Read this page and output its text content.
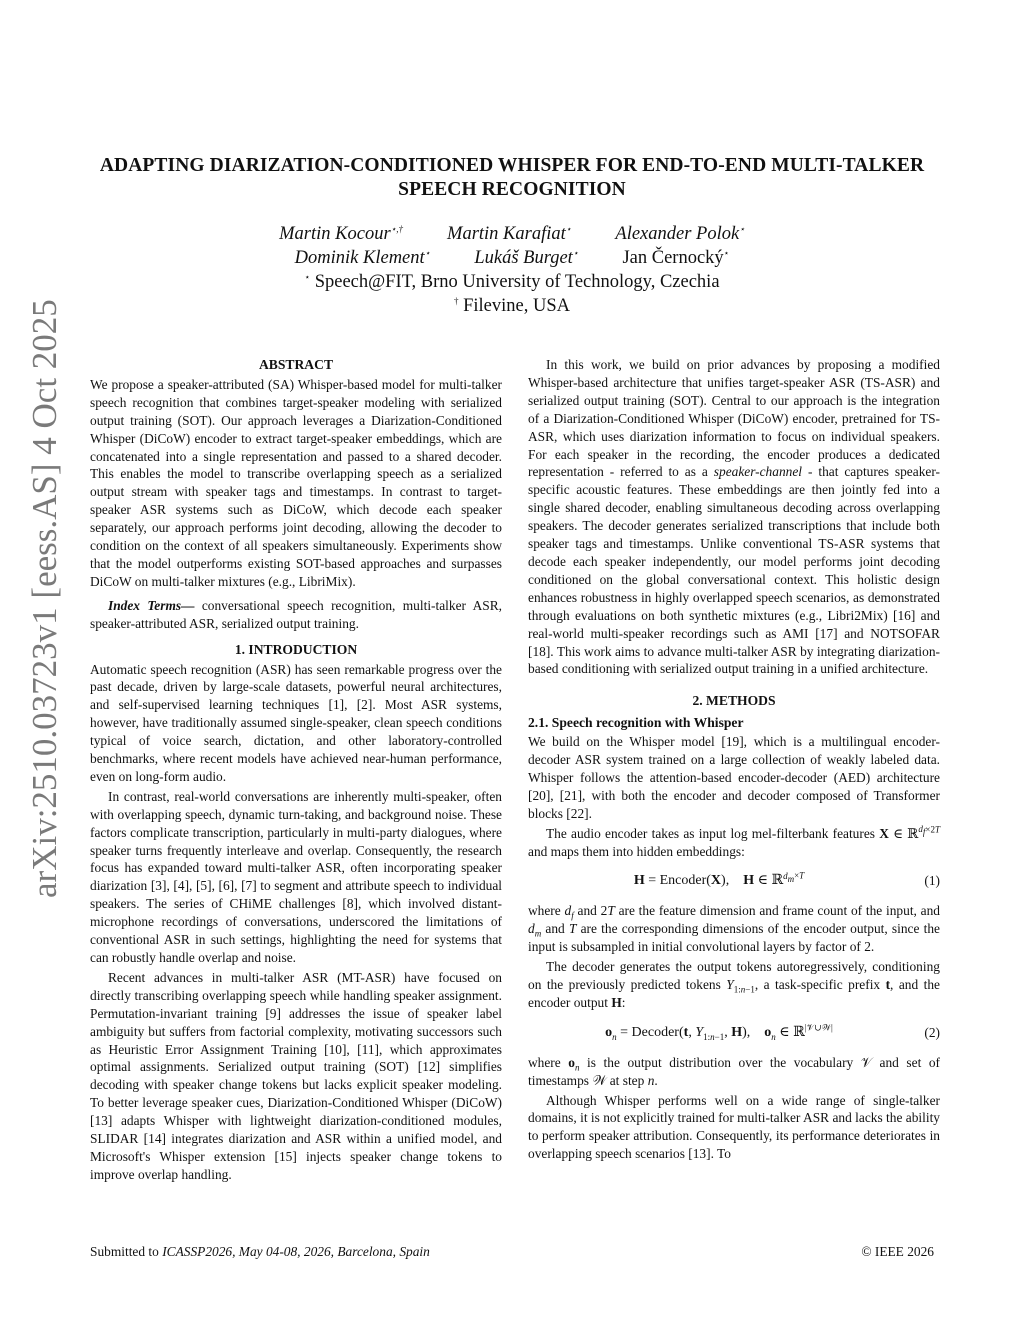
arXiv:2510.03723v1 [eess.AS] 4 Oct 2025
ADAPTING DIARIZATION-CONDITIONED WHISPER FOR END-TO-END MULTI-TALKER SPEECH RECOGNITION
Martin Kocour⋆,† Martin Karafiat⋆ Alexander Polok⋆
Dominik Klement⋆ Lukáš Burget⋆ Jan Černocký⋆
⋆ Speech@FIT, Brno University of Technology, Czechia
† Filevine, USA
ABSTRACT

We propose a speaker-attributed (SA) Whisper-based model for multi-talker speech recognition that combines target-speaker modeling with serialized output training (SOT). Our approach leverages a Diarization-Conditioned Whisper (DiCoW) encoder to extract target-speaker embeddings, which are concatenated into a single representation and passed to a shared decoder. This enables the model to transcribe overlapping speech as a serialized output stream with speaker tags and timestamps. In contrast to target-speaker ASR systems such as DiCoW, which decode each speaker separately, our approach performs joint decoding, allowing the decoder to condition on the context of all speakers simultaneously. Experiments show that the model outperforms existing SOT-based approaches and surpasses DiCoW on multi-talker mixtures (e.g., LibriMix).

Index Terms— conversational speech recognition, multi-talker ASR, speaker-attributed ASR, serialized output training.

1. INTRODUCTION

Automatic speech recognition (ASR) has seen remarkable progress over the past decade, driven by large-scale datasets, powerful neural architectures, and self-supervised learning techniques [1], [2]. Most ASR systems, however, have traditionally assumed single-speaker, clean speech conditions typical of voice search, dictation, and other laboratory-controlled benchmarks, where recent models have achieved near-human performance, even on long-form audio.

In contrast, real-world conversations are inherently multi-speaker, often with overlapping speech, dynamic turn-taking, and background noise. These factors complicate transcription, particularly in multi-party dialogues, where speaker turns frequently interleave and overlap. Consequently, the research focus has expanded toward multi-talker ASR, often incorporating speaker diarization [3], [4], [5], [6], [7] to segment and attribute speech to individual speakers. The series of CHiME challenges [8], which involved distant-microphone recordings of conversations, underscored the limitations of conventional ASR in such settings, highlighting the need for systems that can robustly handle overlap and noise.

Recent advances in multi-talker ASR (MT-ASR) have focused on directly transcribing overlapping speech while handling speaker assignment. Permutation-invariant training [9] addresses the issue of speaker label ambiguity but suffers from factorial complexity, motivating successors such as Heuristic Error Assignment Training [10], [11], which approximates optimal assignments. Serialized output training (SOT) [12] simplifies decoding with speaker change tokens but lacks explicit speaker modeling. To better leverage speaker cues, Diarization-Conditioned Whisper (DiCoW) [13] adapts Whisper with lightweight diarization-conditioned modules, SLIDAR [14] integrates diarization and ASR within a unified model, and Microsoft's Whisper extension [15] injects speaker change tokens to improve overlap handling.

In this work, we build on prior advances by proposing a modified Whisper-based architecture that unifies target-speaker ASR (TS-ASR) and serialized output training (SOT). Central to our approach is the integration of a Diarization-Conditioned Whisper (DiCoW) encoder, pretrained for TS-ASR, which uses diarization information to focus on individual speakers. For each speaker in the recording, the encoder produces a dedicated representation - referred to as a speaker-channel - that captures speaker-specific acoustic features. These embeddings are then jointly fed into a single shared decoder, enabling simultaneous decoding across overlapping speakers. The decoder generates serialized transcriptions that include both speaker tags and timestamps. Unlike conventional TS-ASR systems that decode each speaker independently, our model performs joint decoding conditioned on the global conversational context. This holistic design enhances robustness in highly overlapped speech scenarios, as demonstrated through evaluations on both synthetic mixtures (e.g., Libri2Mix) [16] and real-world multi-speaker recordings such as AMI [17] and NOTSOFAR [18]. This work aims to advance multi-talker ASR by integrating diarization-based conditioning with serialized output training in a unified architecture.

2. METHODS
2.1. Speech recognition with Whisper

We build on the Whisper model [19], which is a multilingual encoder-decoder ASR system trained on a large collection of weakly labeled data. Whisper follows the attention-based encoder-decoder (AED) architecture [20], [21], with both the encoder and decoder composed of Transformer blocks [22].

The audio encoder takes as input log mel-filterbank features X ∈ ℝ$^{d_f\times 2T}$ and maps them into hidden embeddings:

H = Encoder(X),    H ∈ ℝ$^{d_m\times T}$	(1)

where $d_f$ and 2T are the feature dimension and frame count of the input, and $d_m$ and T are the corresponding dimensions of the encoder output, since the input is subsampled in initial convolutional layers by factor of 2.

The decoder generates the output tokens autoregressively, conditioning on the previously predicted tokens $Y_{1:n-1}$, a task-specific prefix t, and the encoder output H:

$o_n$ = Decoder(t, $Y_{1:n-1}$, H),    $o_n$ ∈ ℝ$^{|𝒱\cup 𝒲|}$	(2)

where $o_n$ is the output distribution over the vocabulary 𝒱 and set of timestamps 𝒲 at step n.

Although Whisper performs well on a wide range of single-talker domains, it is not explicitly trained for multi-talker ASR and lacks the ability to perform speaker attribution. Consequently, its performance deteriorates in overlapping speech scenarios [13]. To

Submitted to ICASSP2026, May 04-08, 2026, Barcelona, Spain	© IEEE 2026
